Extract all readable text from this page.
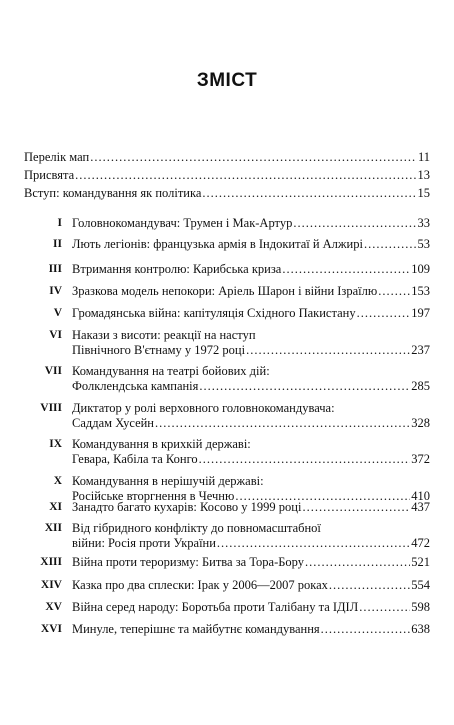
ЗМІСТ
Перелік мап .....	11
Присвята .....	13
Вступ: командування як політика .....	15
I Головнокомандувач: Трумен і Мак-Артур .....	33
II Лють легіонів: французька армія в Індокитаї й Алжирі .....	53
III Втримання контролю: Карибська криза .....	109
IV Зразкова модель непокори: Аріель Шарон і війни Ізраїлю .....	153
V Громадянська війна: капітуляція Східного Пакистану .....	197
VI Накази з висоти: реакції на наступ
Північного В'єтнаму у 1972 році .....	237
VII Командування на театрі бойових дій:
Фолклендська кампанія .....	285
VIII Диктатор у ролі верховного головнокомандувача:
Саддам Хусейн .....	328
IX Командування в крихкій державі:
Гевара, Кабіла та Конго .....	372
X Командування в нерішучій державі:
Російське вторгнення в Чечню .....	410
XI Занадто багато кухарів: Косово у 1999 році .....	437
XII Від гібридного конфлікту до повномасштабної
війни: Росія проти України .....	472
XIII Війна проти тероризму: Битва за Тора-Бору .....	521
XIV Казка про два сплески: Ірак у 2006—2007 роках .....	554
XV Війна серед народу: Боротьба проти Талібану та ІДІЛ .....	598
XVI Минуле, теперішнє та майбутнє командування .....	638
